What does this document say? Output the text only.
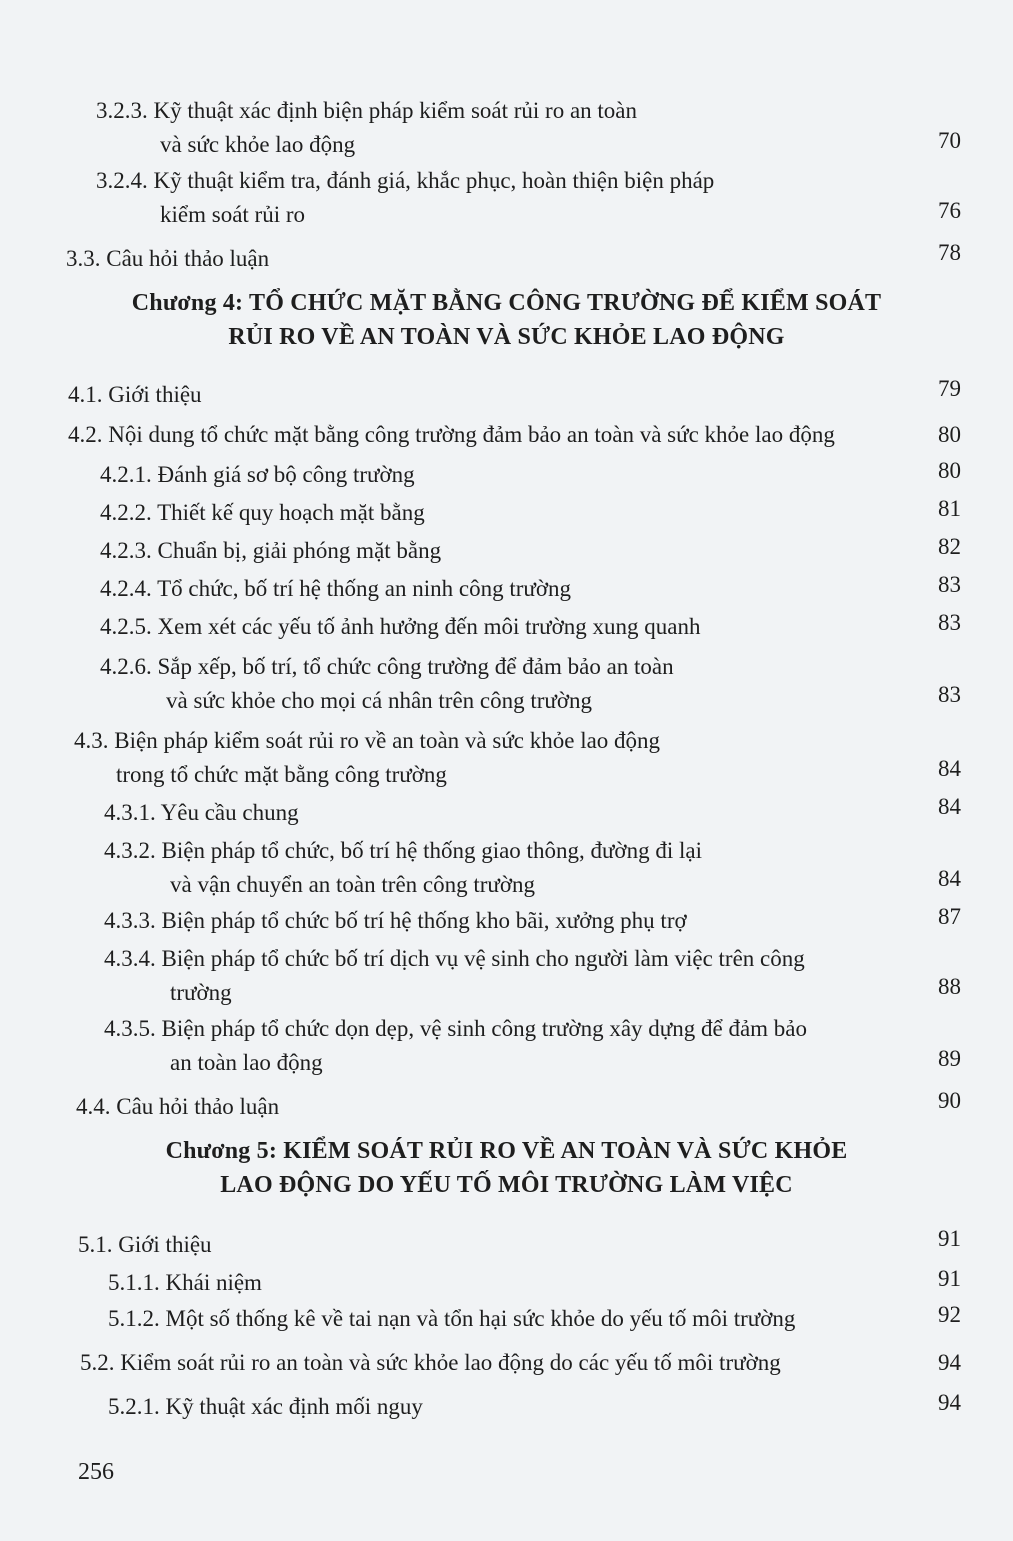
3.2.3. Kỹ thuật xác định biện pháp kiểm soát rủi ro an toàn
và sức khỏe lao động	70
3.2.4. Kỹ thuật kiểm tra, đánh giá, khắc phục, hoàn thiện biện pháp
kiểm soát rủi ro	76
3.3. Câu hỏi thảo luận	78
Chương 4: TỔ CHỨC MẶT BẰNG CÔNG TRƯỜNG ĐỂ KIỂM SOÁT
RỦI RO VỀ AN TOÀN VÀ SỨC KHỎE LAO ĐỘNG
4.1. Giới thiệu	79
4.2. Nội dung tổ chức mặt bằng công trường đảm bảo an toàn và sức khỏe lao động	80
4.2.1. Đánh giá sơ bộ công trường	80
4.2.2. Thiết kế quy hoạch mặt bằng	81
4.2.3. Chuẩn bị, giải phóng mặt bằng	82
4.2.4. Tổ chức, bố trí hệ thống an ninh công trường	83
4.2.5. Xem xét các yếu tố ảnh hưởng đến môi trường xung quanh	83
4.2.6. Sắp xếp, bố trí, tổ chức công trường để đảm bảo an toàn
và sức khỏe cho mọi cá nhân trên công trường	83
4.3. Biện pháp kiểm soát rủi ro về an toàn và sức khỏe lao động
trong tổ chức mặt bằng công trường	84
4.3.1. Yêu cầu chung	84
4.3.2. Biện pháp tổ chức, bố trí hệ thống giao thông, đường đi lại
và vận chuyển an toàn trên công trường	84
4.3.3. Biện pháp tổ chức bố trí hệ thống kho bãi, xưởng phụ trợ	87
4.3.4. Biện pháp tổ chức bố trí dịch vụ vệ sinh cho người làm việc trên công
trường	88
4.3.5. Biện pháp tổ chức dọn dẹp, vệ sinh công trường xây dựng để đảm bảo
an toàn lao động	89
4.4. Câu hỏi thảo luận	90
Chương 5: KIỂM SOÁT RỦI RO VỀ AN TOÀN VÀ SỨC KHỎE
LAO ĐỘNG DO YẾU TỐ MÔI TRƯỜNG LÀM VIỆC
5.1. Giới thiệu	91
5.1.1. Khái niệm	91
5.1.2. Một số thống kê về tai nạn và tổn hại sức khỏe do yếu tố môi trường	92
5.2. Kiểm soát rủi ro an toàn và sức khỏe lao động do các yếu tố môi trường	94
5.2.1. Kỹ thuật xác định mối nguy	94
256
